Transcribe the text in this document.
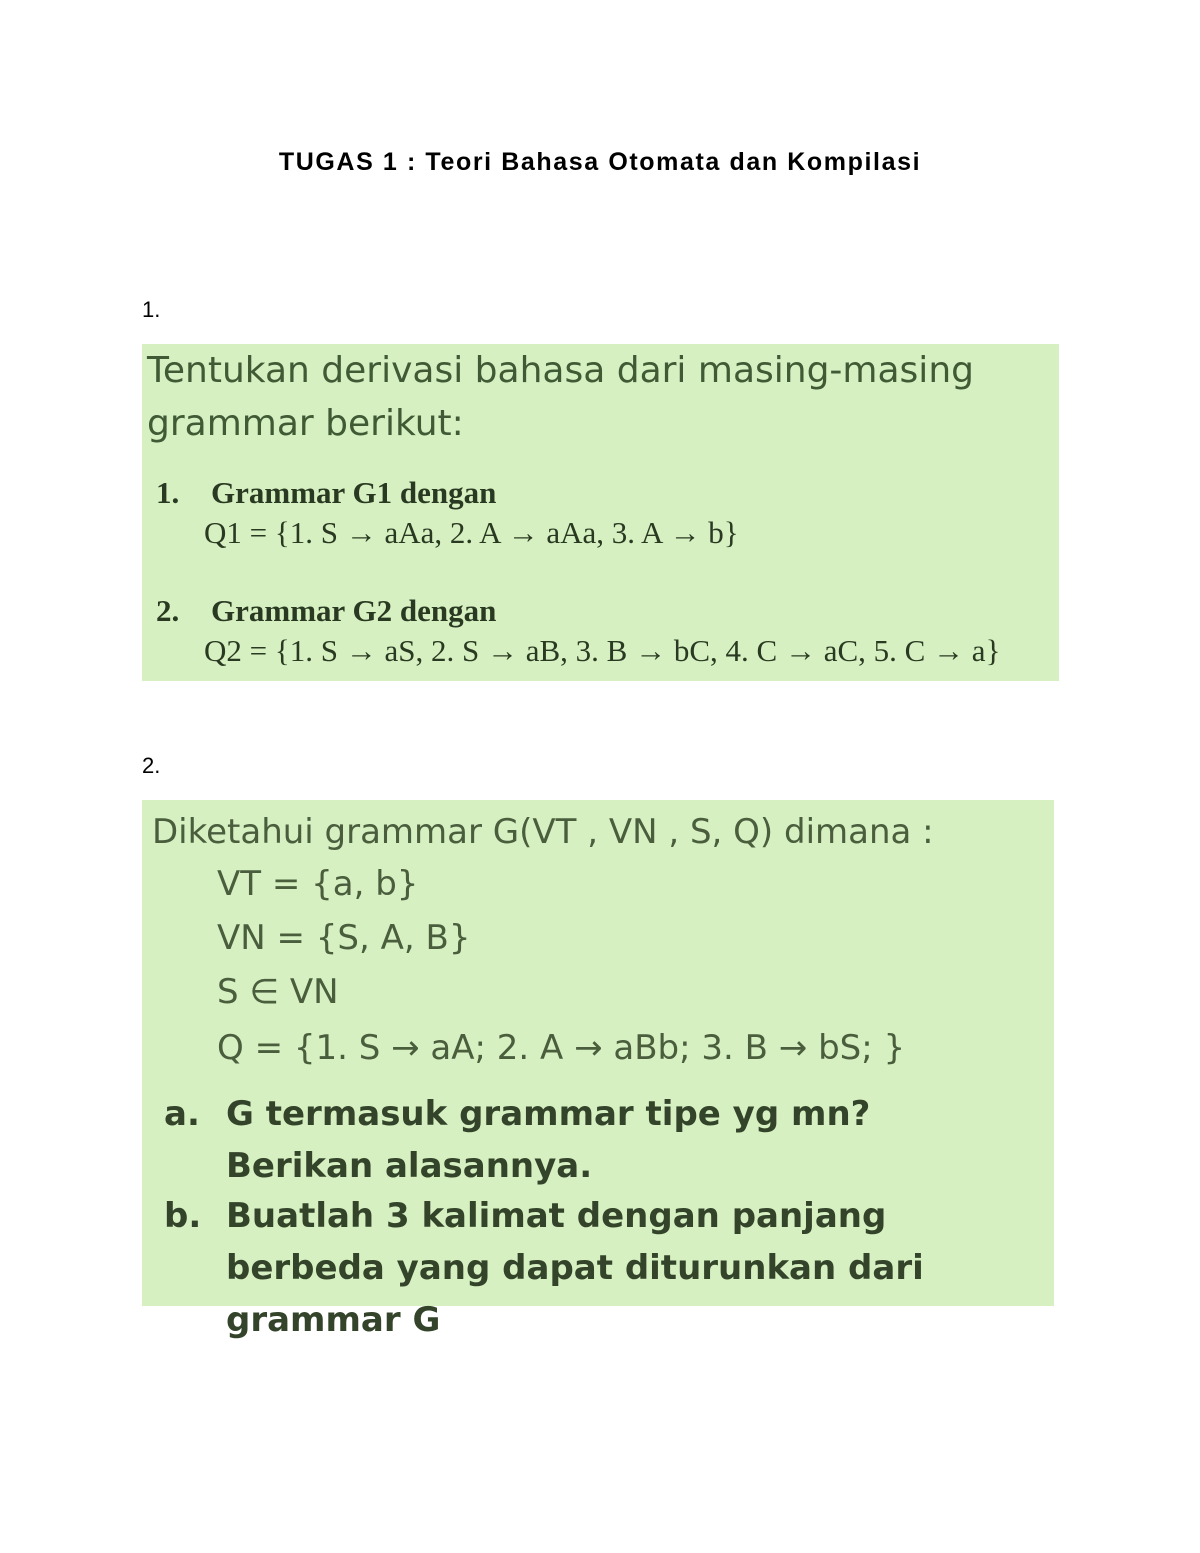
TUGAS 1 : Teori Bahasa Otomata dan Kompilasi
1.
Tentukan derivasi bahasa dari masing-masing grammar berikut:
1. Grammar G1 dengan
Q1 = {1. S → aAa, 2. A → aAa, 3. A → b}
2. Grammar G2 dengan
Q2 = {1. S → aS, 2. S → aB, 3. B → bC, 4. C → aC, 5. C → a}
2.
Diketahui grammar G(VT , VN , S, Q) dimana :
VT = {a, b}
VN = {S, A, B}
S ∈ VN
Q = {1. S → aA; 2. A → aBb; 3. B → bS; }
a. G termasuk grammar tipe yg mn? Berikan alasannya.
b. Buatlah 3 kalimat dengan panjang berbeda yang dapat diturunkan dari grammar G
